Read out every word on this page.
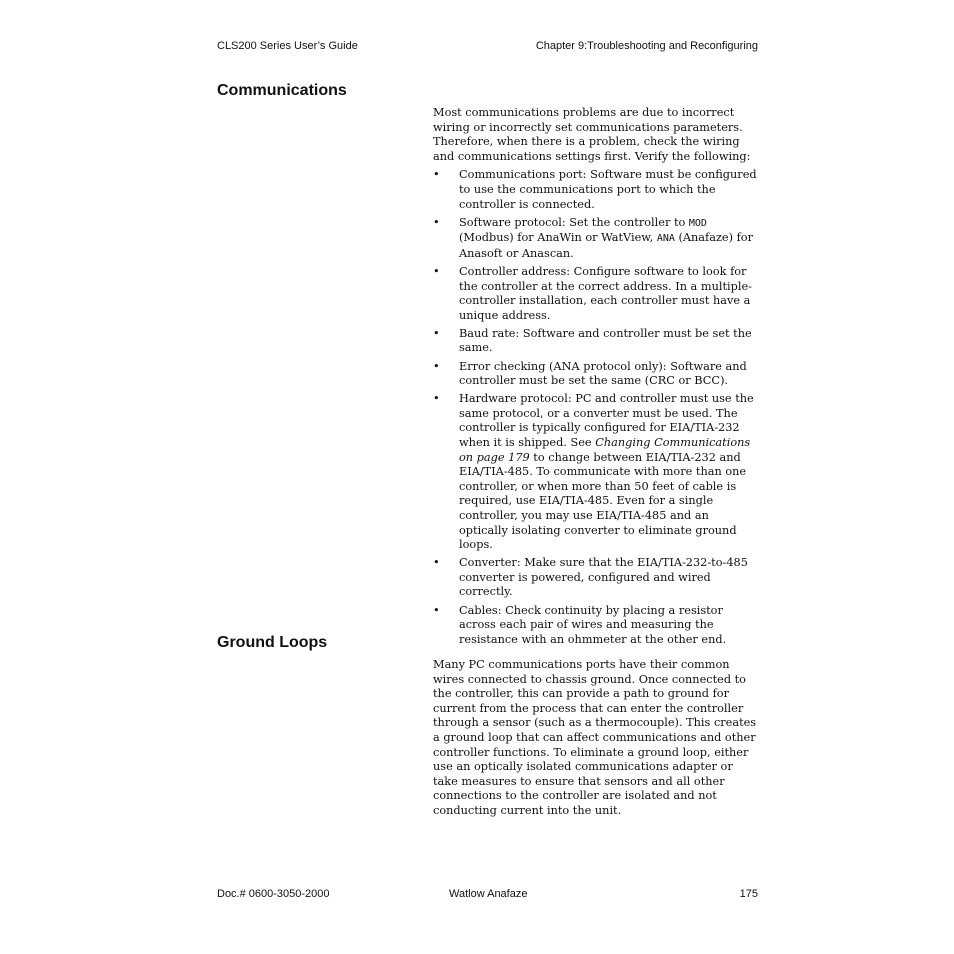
CLS200 Series User’s Guide	Chapter 9:Troubleshooting and Reconfiguring
Communications

Most communications problems are due to incorrect wiring or incorrectly set communications parameters. Therefore, when there is a problem, check the wiring and communications settings first. Verify the following:

• Communications port: Software must be configured to use the communications port to which the controller is connected.
• Software protocol: Set the controller to MOD (Modbus) for AnaWin or WatView, ANA (Anafaze) for Anasoft or Anascan.
• Controller address: Configure software to look for the controller at the correct address. In a multiple-controller installation, each controller must have a unique address.
• Baud rate: Software and controller must be set the same.
• Error checking (ANA protocol only): Software and controller must be set the same (CRC or BCC).
• Hardware protocol: PC and controller must use the same protocol, or a converter must be used. The controller is typically configured for EIA/TIA-232 when it is shipped. See Changing Communications on page 179 to change between EIA/TIA-232 and EIA/TIA-485. To communicate with more than one controller, or when more than 50 feet of cable is required, use EIA/TIA-485. Even for a single controller, you may use EIA/TIA-485 and an optically isolating converter to eliminate ground loops.
• Converter: Make sure that the EIA/TIA-232-to-485 converter is powered, configured and wired correctly.
• Cables: Check continuity by placing a resistor across each pair of wires and measuring the resistance with an ohmmeter at the other end.
Ground Loops

Many PC communications ports have their common wires connected to chassis ground. Once connected to the controller, this can provide a path to ground for current from the process that can enter the controller through a sensor (such as a thermocouple). This creates a ground loop that can affect communications and other controller functions. To eliminate a ground loop, either use an optically isolated communications adapter or take measures to ensure that sensors and all other connections to the controller are isolated and not conducting current into the unit.

Doc.# 0600-3050-2000	Watlow Anafaze	175
